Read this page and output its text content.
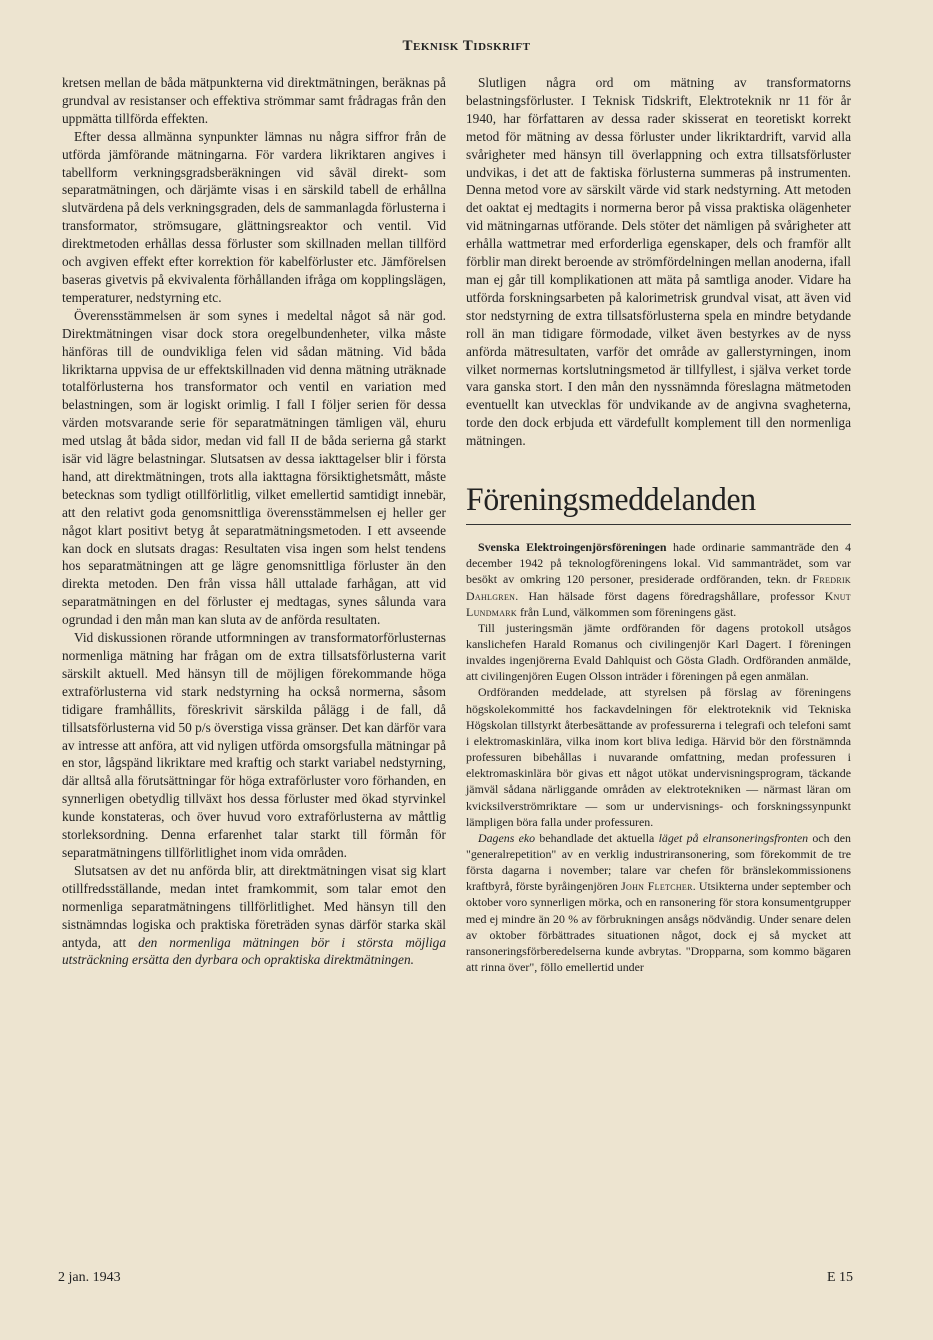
Teknisk Tidskrift

kretsen mellan de båda mätpunkterna vid direktmätningen, beräknas på grundval av resistanser och effektiva strömmar samt frådragas från den uppmätta tillförda effekten.

Efter dessa allmänna synpunkter lämnas nu några siffror från de utförda jämförande mätningarna. För vardera likriktaren angives i tabellform verkningsgradsberäkningen vid såväl direkt- som separatmätningen, och därjämte visas i en särskild tabell de erhållna slutvärdena på dels verkningsgraden, dels de sammanlagda förlusterna i transformator, strömsugare, glättningsreaktor och ventil. Vid direktmetoden erhållas dessa förluster som skillnaden mellan tillförd och avgiven effekt efter korrektion för kabelförluster etc. Jämförelsen baseras givetvis på ekvivalenta förhållanden ifråga om kopplingslägen, temperaturer, nedstyrning etc.

Överensstämmelsen är som synes i medeltal något så när god. Direktmätningen visar dock stora oregelbundenheter, vilka måste hänföras till de oundvikliga felen vid sådan mätning. Vid båda likriktarna uppvisa de ur effektskillnaden vid denna mätning uträknade totalförlusterna hos transformator och ventil en variation med belastningen, som är logiskt orimlig. I fall I följer serien för dessa värden motsvarande serie för separatmätningen tämligen väl, ehuru med utslag åt båda sidor, medan vid fall II de båda serierna gå starkt isär vid lägre belastningar. Slutsatsen av dessa iakttagelser blir i första hand, att direktmätningen, trots alla iakttagna försiktighetsmått, måste betecknas som tydligt otillförlitlig, vilket emellertid samtidigt innebär, att den relativt goda genomsnittliga överensstämmelsen ej heller ger något klart positivt betyg åt separatmätningsmetoden. I ett avseende kan dock en slutsats dragas: Resultaten visa ingen som helst tendens hos separatmätningen att ge lägre genomsnittliga förluster än den direkta metoden. Den från vissa håll uttalade farhågan, att vid separatmätningen en del förluster ej medtagas, synes sålunda vara ogrundad i den mån man kan sluta av de anförda resultaten.

Vid diskussionen rörande utformningen av transformatorförlusternas normenliga mätning har frågan om de extra tillsatsförlusterna varit särskilt aktuell. Med hänsyn till de möjligen förekommande höga extraförlusterna vid stark nedstyrning ha också normerna, såsom tidigare framhållits, föreskrivit särskilda pålägg i de fall, då tillsatsförlusterna vid 50 p/s överstiga vissa gränser. Det kan därför vara av intresse att anföra, att vid nyligen utförda omsorgsfulla mätningar på en stor, lågspänd likriktare med kraftig och starkt variabel nedstyrning, där alltså alla förutsättningar för höga extraförluster voro förhanden, en synnerligen obetydlig tillväxt hos dessa förluster med ökad styrvinkel kunde konstateras, och över huvud voro extraförlusterna av måttlig storleksordning. Denna erfarenhet talar starkt till förmån för separatmätningens tillförlitlighet inom vida områden.

Slutsatsen av det nu anförda blir, att direktmätningen visat sig klart otillfredsställande, medan intet framkommit, som talar emot den normenliga separatmätningens tillförlitlighet. Med hänsyn till den sistnämndas logiska och praktiska företräden synas därför starka skäl antyda, att den normenliga mätningen bör i största möjliga utsträckning ersätta den dyrbara och opraktiska direktmätningen.

Slutligen några ord om mätning av transformatorns belastningsförluster. I Teknisk Tidskrift, Elektroteknik nr 11 för år 1940, har författaren av dessa rader skisserat en teoretiskt korrekt metod för mätning av dessa förluster under likriktardrift, varvid alla svårigheter med hänsyn till överlappning och extra tillsatsförluster undvikas, i det att de faktiska förlusterna summeras på instrumenten. Denna metod vore av särskilt värde vid stark nedstyrning. Att metoden det oaktat ej medtagits i normerna beror på vissa praktiska olägenheter vid mätningarnas utförande. Dels stöter det nämligen på svårigheter att erhålla wattmetrar med erforderliga egenskaper, dels och framför allt förblir man direkt beroende av strömfördelningen mellan anoderna, ifall man ej går till komplikationen att mäta på samtliga anoder. Vidare ha utförda forskningsarbeten på kalorimetrisk grundval visat, att även vid stor nedstyrning de extra tillsatsförlusterna spela en mindre betydande roll än man tidigare förmodade, vilket även bestyrkes av de nyss anförda mätresultaten, varför det område av gallerstyrningen, inom vilket normernas kortslutningsmetod är tillfyllest, i själva verket torde vara ganska stort. I den mån den nyssnämnda föreslagna mätmetoden eventuellt kan utvecklas för undvikande av de angivna svagheterna, torde den dock erbjuda ett värdefullt komplement till den normenliga mätningen.

Föreningsmeddelanden

Svenska Elektroingenjörsföreningen hade ordinarie sammanträde den 4 december 1942 på teknologföreningens lokal. Vid sammanträdet, som var besökt av omkring 120 personer, presiderade ordföranden, tekn. dr Fredrik Dahlgren. Han hälsade först dagens föredragshållare, professor Knut Lundmark från Lund, välkommen som föreningens gäst.

Till justeringsmän jämte ordföranden för dagens protokoll utsågos kanslichefen Harald Romanus och civilingenjör Karl Dagert. I föreningen invaldes ingenjörerna Evald Dahlquist och Gösta Gladh. Ordföranden anmälde, att civilingenjören Eugen Olsson inträder i föreningen på egen anmälan.

Ordföranden meddelade, att styrelsen på förslag av föreningens högskolekommitté hos fackavdelningen för elektroteknik vid Tekniska Högskolan tillstyrkt återbesättande av professurerna i telegrafi och telefoni samt i elektromaskinlära, vilka inom kort bliva lediga. Härvid bör den förstnämnda professuren bibehållas i nuvarande omfattning, medan professuren i elektromaskinlära bör givas ett något utökat undervisningsprogram, täckande jämväl sådana närliggande områden av elektrotekniken — närmast läran om kvicksilverströmriktare — som ur undervisnings- och forskningssynpunkt lämpligen böra falla under professuren.

Dagens eko behandlade det aktuella läget på elransoneringsfronten och den "generalrepetition" av en verklig industriransonering, som förekommit de tre första dagarna i november; talare var chefen för bränslekommissionens kraftbyrå, förste byråingenjören John Fletcher. Utsikterna under september och oktober voro synnerligen mörka, och en ransonering för stora konsumentgrupper med ej mindre än 20 % av förbrukningen ansågs nödvändig. Under senare delen av oktober förbättrades situationen något, dock ej så mycket att ransoneringsförberedelserna kunde avbrytas. "Dropparna, som kommo bägaren att rinna över", föllo emellertid under

2 jan. 1943	E 15
